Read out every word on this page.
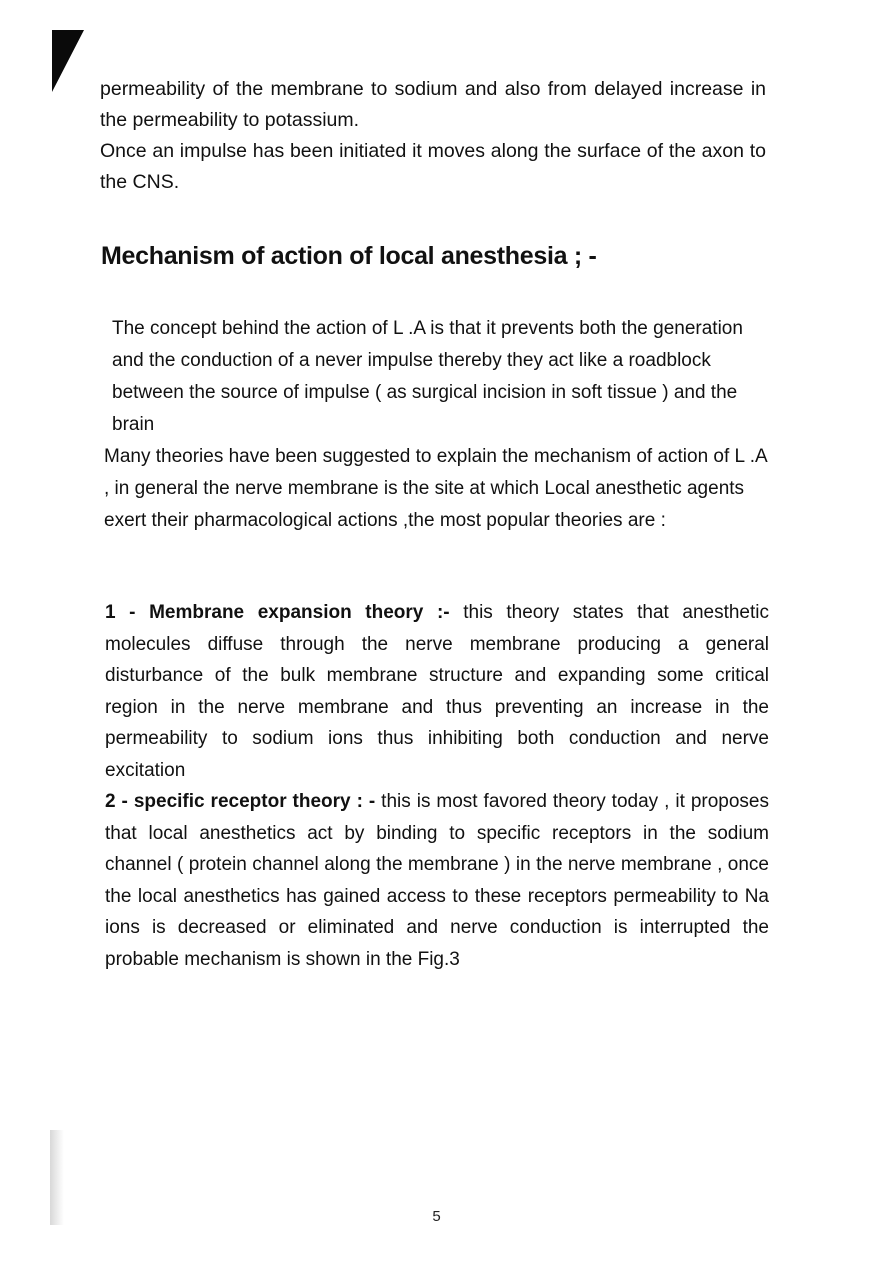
permeability of the membrane to sodium and also from delayed increase in the permeability to potassium.

Once an impulse has been initiated it moves along the surface of the axon to the CNS.

Mechanism of action of local anesthesia ; -

The concept behind the action of L .A is that it prevents both the generation and the conduction of a never impulse thereby they act like a roadblock between the source of impulse ( as surgical incision in soft tissue ) and the brain

Many theories have been suggested to explain the mechanism of action of L .A , in general the nerve membrane is the site at which Local anesthetic agents exert their pharmacological actions ,the most popular theories are :

1 - Membrane expansion theory :- this theory states that anesthetic molecules diffuse through the nerve membrane producing a general disturbance of the bulk membrane structure and expanding some critical region in the nerve membrane and thus preventing an increase in the permeability to sodium ions thus inhibiting both conduction and nerve excitation

2 - specific receptor theory : - this is most favored theory today , it proposes that local anesthetics act by binding to specific receptors in the sodium channel ( protein channel along the membrane ) in the nerve membrane , once the local anesthetics has gained access to these receptors permeability to Na ions is decreased or eliminated and nerve conduction is interrupted the probable mechanism is shown in the Fig.3

5
